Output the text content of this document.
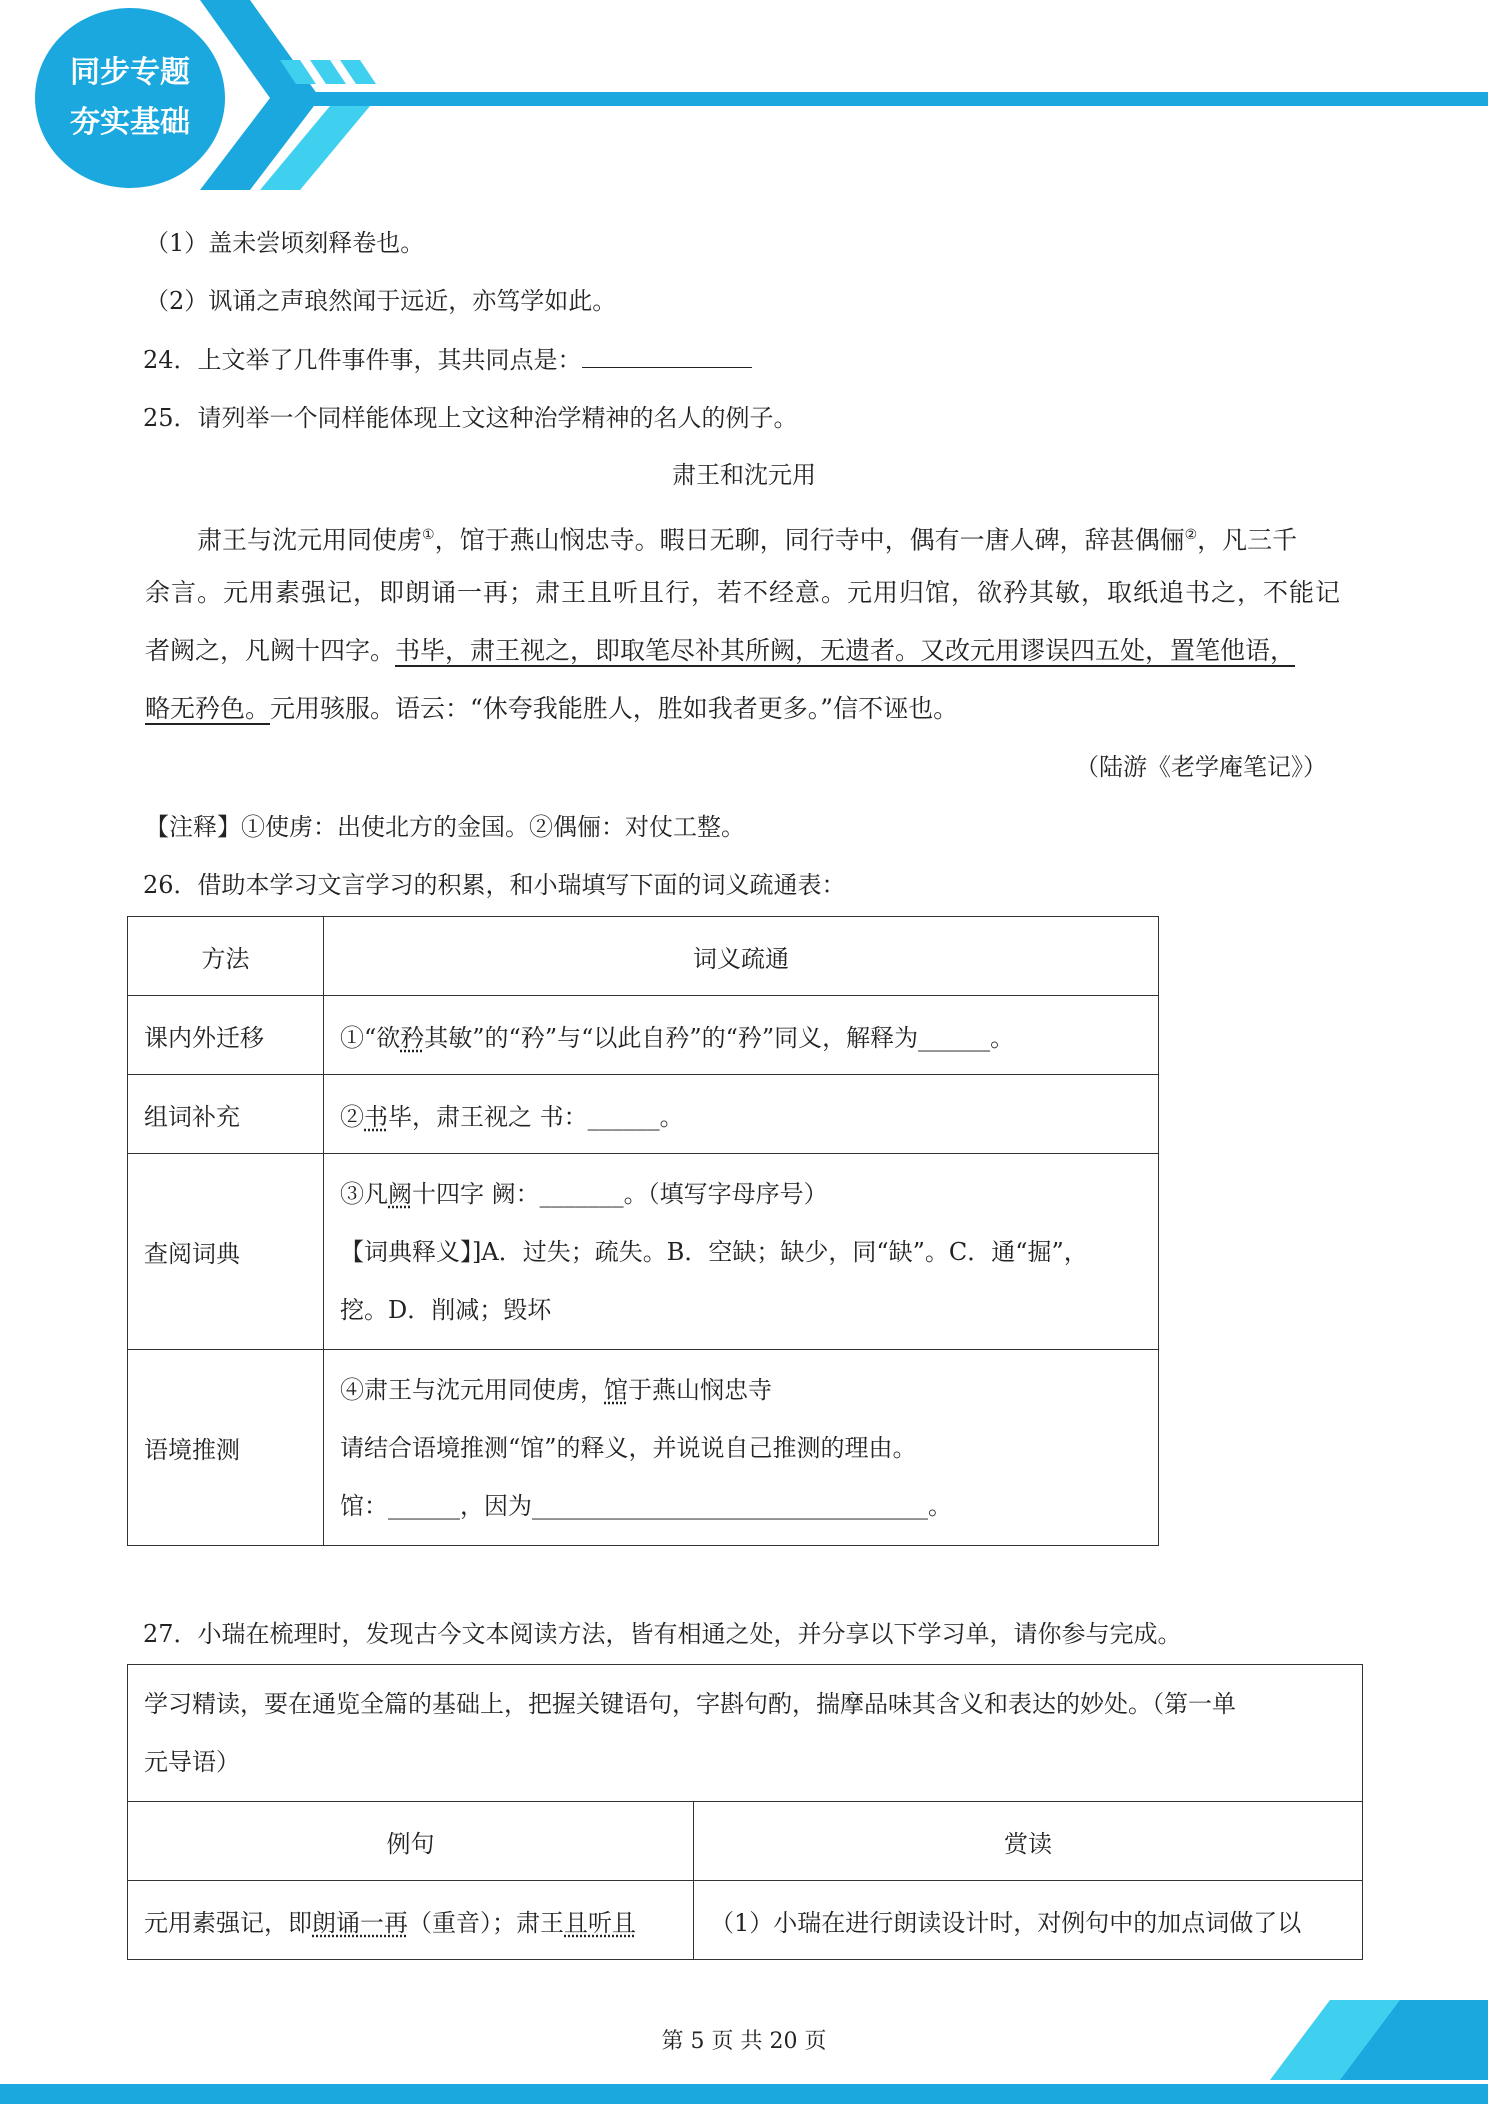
同步专题
夯实基础
（1）盖未尝顷刻释卷也。
（2）讽诵之声琅然闻于远近，亦笃学如此。
24．上文举了几件事件事，其共同点是：
25．请列举一个同样能体现上文这种治学精神的名人的例子。
肃王和沈元用
肃王与沈元用同使虏①，馆于燕山悯忠寺。暇日无聊，同行寺中，偶有一唐人碑，辞甚偶俪②，凡三千
余言。元用素强记，即朗诵一再；肃王且听且行，若不经意。元用归馆，欲矜其敏，取纸追书之，不能记
者阙之，凡阙十四字。书毕，肃王视之，即取笔尽补其所阙，无遗者。又改元用谬误四五处，置笔他语，
略无矜色。元用骇服。语云：“休夸我能胜人，胜如我者更多。”信不诬也。
（陆游《老学庵笔记》）
【注释】①使虏：出使北方的金国。②偶俪：对仗工整。
26．借助本学习文言学习的积累，和小瑞填写下面的词义疏通表：
方法	词义疏通
课内外迁移	①“欲矜其敏”的“矜”与“以此自矜”的“矜”同义，解释为______。
组词补充	②书毕，肃王视之 书：______。
查阅词典	③凡阙十四字 阙：_______。（填写字母序号）
【词典释义】]A．过失；疏失。B．空缺；缺少，同“缺”。C．通“掘”，
挖。D．削减；毁坏

语境推测	④肃王与沈元用同使虏，馆于燕山悯忠寺
请结合语境推测“馆”的释义，并说说自己推测的理由。
馆：______，因为_________________________________。
27．小瑞在梳理时，发现古今文本阅读方法，皆有相通之处，并分享以下学习单，请你参与完成。
学习精读，要在通览全篇的基础上，把握关键语句，字斟句酌，揣摩品味其含义和表达的妙处。（第一单
元导语）	

例句	赏读
元用素强记，即朗诵一再（重音）；肃王且听且	（1）小瑞在进行朗读设计时，对例句中的加点词做了以
第 5 页 共 20 页
